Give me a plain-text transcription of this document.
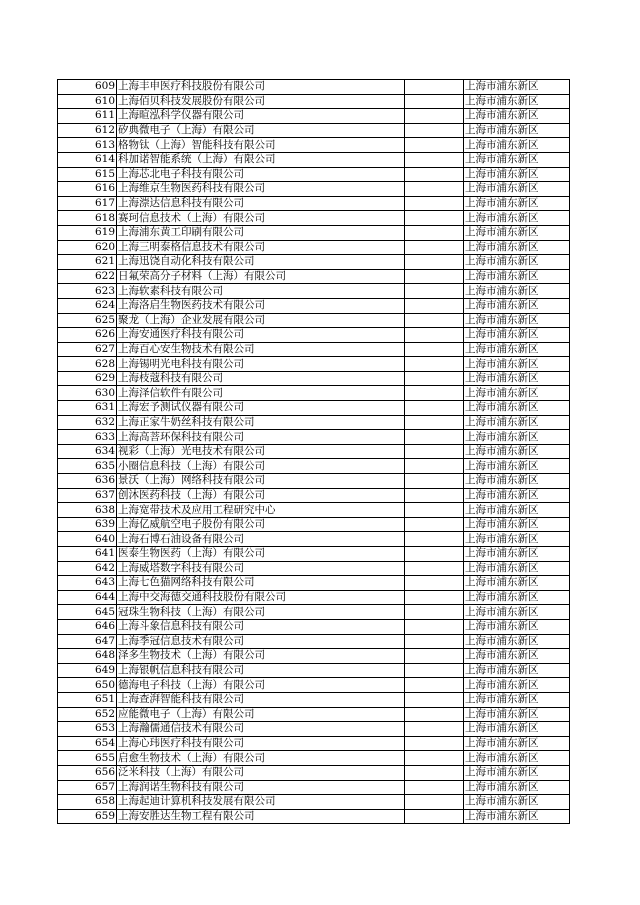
609	上海丰申医疗科技股份有限公司		上海市浦东新区
610	上海佰贝科技发展股份有限公司		上海市浦东新区
611	上海暄泓科学仪器有限公司		上海市浦东新区
612	矽典微电子（上海）有限公司		上海市浦东新区
613	格物钛（上海）智能科技有限公司		上海市浦东新区
614	科加诺智能系统（上海）有限公司		上海市浦东新区
615	上海芯北电子科技有限公司		上海市浦东新区
616	上海维京生物医药科技有限公司		上海市浦东新区
617	上海漴达信息科技有限公司		上海市浦东新区
618	赛珂信息技术（上海）有限公司		上海市浦东新区
619	上海浦东黄工印刷有限公司		上海市浦东新区
620	上海三明泰格信息技术有限公司		上海市浦东新区
621	上海迅饶自动化科技有限公司		上海市浦东新区
622	日氟荣高分子材料（上海）有限公司		上海市浦东新区
623	上海软素科技有限公司		上海市浦东新区
624	上海洛启生物医药技术有限公司		上海市浦东新区
625	聚龙（上海）企业发展有限公司		上海市浦东新区
626	上海安通医疗科技有限公司		上海市浦东新区
627	上海百心安生物技术有限公司		上海市浦东新区
628	上海锡明光电科技有限公司		上海市浦东新区
629	上海枝蔻科技有限公司		上海市浦东新区
630	上海泽信软件有限公司		上海市浦东新区
631	上海宏予测试仪器有限公司		上海市浦东新区
632	上海正家牛奶丝科技有限公司		上海市浦东新区
633	上海高菩环保科技有限公司		上海市浦东新区
634	视彩（上海）光电技术有限公司		上海市浦东新区
635	小圈信息科技（上海）有限公司		上海市浦东新区
636	景沃（上海）网络科技有限公司		上海市浦东新区
637	创沐医药科技（上海）有限公司		上海市浦东新区
638	上海宽带技术及应用工程研究中心		上海市浦东新区
639	上海亿威航空电子股份有限公司		上海市浦东新区
640	上海石博石油设备有限公司		上海市浦东新区
641	医泰生物医药（上海）有限公司		上海市浦东新区
642	上海威塔数字科技有限公司		上海市浦东新区
643	上海七色猫网络科技有限公司		上海市浦东新区
644	上海中交海德交通科技股份有限公司		上海市浦东新区
645	冠珠生物科技（上海）有限公司		上海市浦东新区
646	上海斗象信息科技有限公司		上海市浦东新区
647	上海季冠信息技术有限公司		上海市浦东新区
648	泽多生物技术（上海）有限公司		上海市浦东新区
649	上海银帆信息科技有限公司		上海市浦东新区
650	德海电子科技（上海）有限公司		上海市浦东新区
651	上海查湃智能科技有限公司		上海市浦东新区
652	应能微电子（上海）有限公司		上海市浦东新区
653	上海瀚儒通信技术有限公司		上海市浦东新区
654	上海心玮医疗科技有限公司		上海市浦东新区
655	启愈生物技术（上海）有限公司		上海市浦东新区
656	泛米科技（上海）有限公司		上海市浦东新区
657	上海润诺生物科技有限公司		上海市浦东新区
658	上海起迪计算机科技发展有限公司		上海市浦东新区
659	上海安胜达生物工程有限公司		上海市浦东新区
